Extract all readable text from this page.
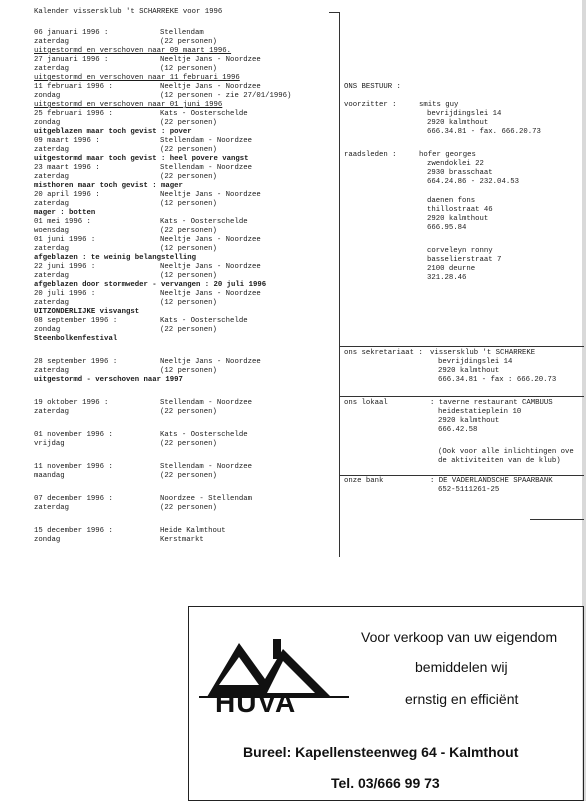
Kalender vissersklub 't SCHARREKE voor 1996
06 januari 1996 :	Stellendam
zaterdag	(22 personen)
uitgestormd en verschoven naar 09 maart 1996.
27 januari 1996 :	Neeltje Jans - Noordzee
zaterdag	(12 personen)
uitgestormd en verschoven naar 11 februari 1996
11 februari 1996 :	Neeltje Jans - Noordzee
zondag	(12 personen - zie 27/01/1996)
uitgestormd en verschoven naar 01 juni 1996
25 februari 1996 :	Kats - Oosterschelde
zondag	(22 personen)
uitgeblazen maar toch gevist : pover
09 maart 1996 :	Stellendam - Noordzee
zaterdag	(22 personen)
uitgestormd maar toch gevist : heel povere vangst
23 maart 1996 :	Stellendam - Noordzee
zaterdag	(22 personen)
misthoren maar toch gevist : mager
20 april 1996 :	Neeltje Jans - Noordzee
zaterdag	(12 personen)
mager : botten
01 mei 1996 :	Kats - Oosterschelde
woensdag	(22 personen)
01 juni 1996 :	Neeltje Jans - Noordzee
zaterdag	(12 personen)
afgeblazen : te weinig belangstelling
22 juni 1996 :	Neeltje Jans - Noordzee
zaterdag	(12 personen)
afgeblazen door stormweder - vervangen : 20 juli 1996
20 juli 1996 :	Neeltje Jans - Noordzee
zaterdag	(12 personen)
UITZONDERLIJKE visvangst
08 september 1996 :	Kats - Oosterschelde
zondag	(22 personen)
Steenbolkenfestival
28 september 1996 :	Neeltje Jans - Noordzee
zaterdag	(12 personen)
uitgestormd - verschoven naar 1997
19 oktober 1996 :	Stellendam - Noordzee
zaterdag	(22 personen)
01 november 1996 :	Kats - Oosterschelde
vrijdag	(22 personen)
11 november 1996 :	Stellendam - Noordzee
maandag	(22 personen)
07 december 1996 :	Noordzee - Stellendam
zaterdag	(22 personen)
15 december 1996 :	Heide Kalmthout
zondag	Kerstmarkt
ONS BESTUUR :
voorzitter :	smits guy
bevrijdingslei 14
2920 kalmthout
666.34.81 - fax. 666.20.73
raadsleden :	hofer georges
zwendoklei 22
2930 brasschaat
664.24.86 - 232.04.53
daenen fons
thillostraat 46
2920 kalmthout
666.95.84
corveleyn ronny
basselierstraat 7
2100 deurne
321.28.46
ons sekretariaat : vissersklub 't SCHARREKE
bevrijdingslei 14
2920 kalmthout
666.34.81 - fax : 666.20.73
ons lokaal	: taverne restaurant CAMBUUS
heidestatieplein 10
2920 kalmthout
666.42.58
(Ook voor alle inlichtingen ove
de aktiviteiten van de klub)
onze bank	: DE VADERLANDSCHE SPAARBANK
652-5111261-25
HUVA
Voor verkoop van uw eigendom
bemiddelen wij
ernstig en efficiënt
Bureel: Kapellensteenweg 64 - Kalmthout
Tel. 03/666 99 73
